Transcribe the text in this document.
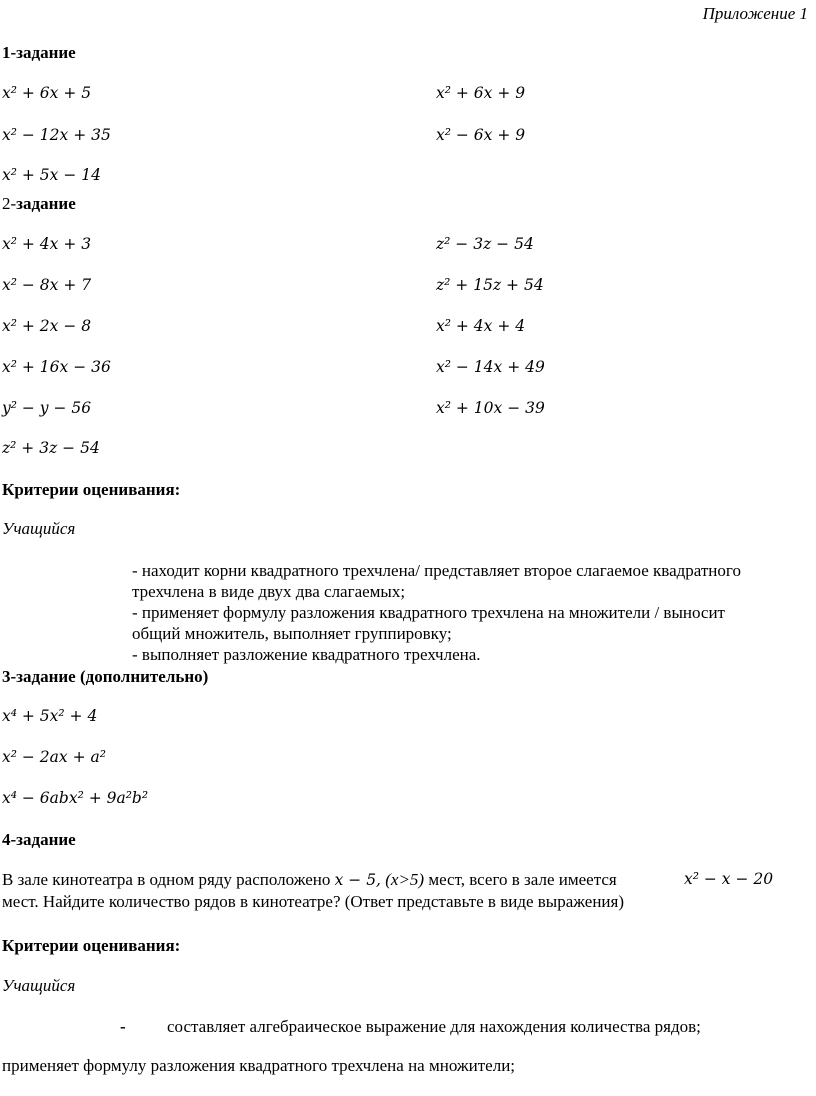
Приложение 1
1-задание
x² + 6x + 5
x² − 12x + 35
x² + 5x − 14
x² + 6x + 9
x² − 6x + 9
2-задание
x² + 4x + 3
x² − 8x + 7
x² + 2x − 8
x² + 16x − 36
y² − y − 56
z² + 3z − 54
z² − 3z − 54
z² + 15z + 54
x² + 4x + 4
x² − 14x + 49
x² + 10x − 39
Критерии оценивания:
Учащийся
- находит корни квадратного трехчлена/ представляет второе слагаемое квадратного
трехчлена в виде двух два слагаемых;
- применяет формулу разложения квадратного трехчлена на множители / выносит
общий множитель, выполняет группировку;
- выполняет разложение квадратного трехчлена.
3-задание (дополнительно)
x⁴ + 5x² + 4
x² − 2ax + a²
x⁴ − 6abx² + 9a²b²
4-задание
В зале кинотеатра в одном ряду расположено x − 5, (x>5) мест, всего в зале имеется	x² − x − 20
мест. Найдите количество рядов в кинотеатре? (Ответ представьте в виде выражения)
Критерии оценивания:
Учащийся
- составляет алгебраическое выражение для нахождения количества рядов;
применяет формулу разложения квадратного трехчлена на множители;
